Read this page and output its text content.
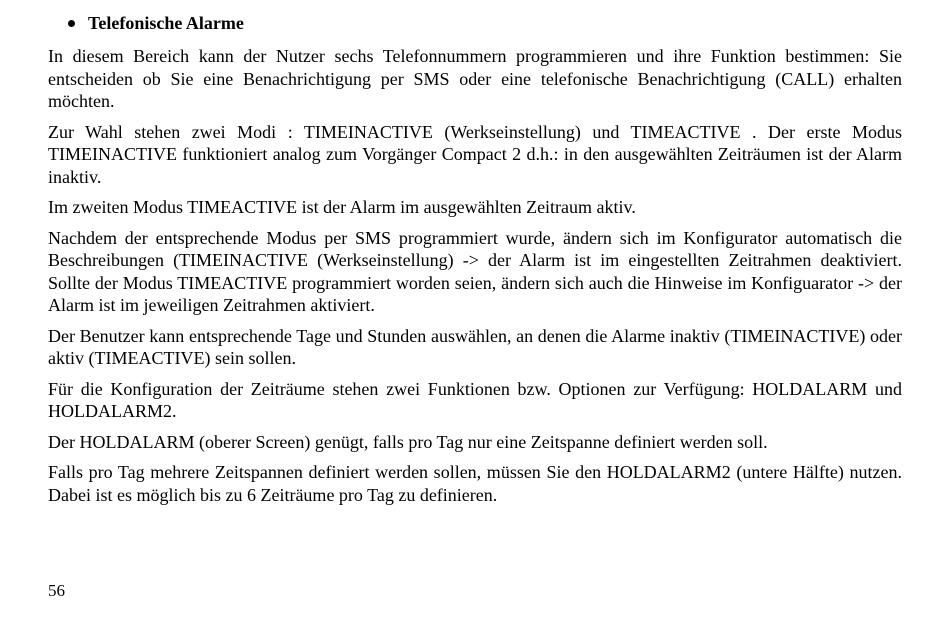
Telefonische Alarme

In diesem Bereich kann der Nutzer sechs Telefonnummern programmieren und ihre Funktion bestimmen: Sie entscheiden ob Sie eine Benachrichtigung per SMS oder eine telefonische Benachrichtigung (CALL) erhalten möchten.

Zur Wahl stehen zwei Modi : TIMEINACTIVE (Werkseinstellung) und TIMEACTIVE . Der erste Modus TIMEINACTIVE funktioniert analog zum Vorgänger Compact 2 d.h.: in den ausgewählten Zeiträumen ist der Alarm inaktiv.

Im zweiten Modus TIMEACTIVE ist der Alarm im ausgewählten Zeitraum aktiv.

Nachdem der entsprechende Modus per SMS programmiert wurde, ändern sich im Konfigurator automatisch die Beschreibungen (TIMEINACTIVE (Werkseinstellung) -> der Alarm ist im eingestellten Zeitrahmen deaktiviert. Sollte der Modus TIMEACTIVE programmiert worden seien, ändern sich auch die Hinweise im Konfiguarator -> der Alarm ist im jeweiligen Zeitrahmen aktiviert.

Der Benutzer kann entsprechende Tage und Stunden auswählen, an denen die Alarme inaktiv (TIMEINACTIVE) oder aktiv (TIMEACTIVE) sein sollen.

Für die Konfiguration der Zeiträume stehen zwei Funktionen bzw. Optionen zur Verfügung: HOLDALARM und HOLDALARM2.

Der HOLDALARM (oberer Screen) genügt, falls pro Tag nur eine Zeitspanne definiert werden soll.

Falls pro Tag mehrere Zeitspannen definiert werden sollen, müssen Sie den HOLDALARM2 (untere Hälfte) nutzen. Dabei ist es möglich bis zu 6 Zeiträume pro Tag zu definieren.

56
